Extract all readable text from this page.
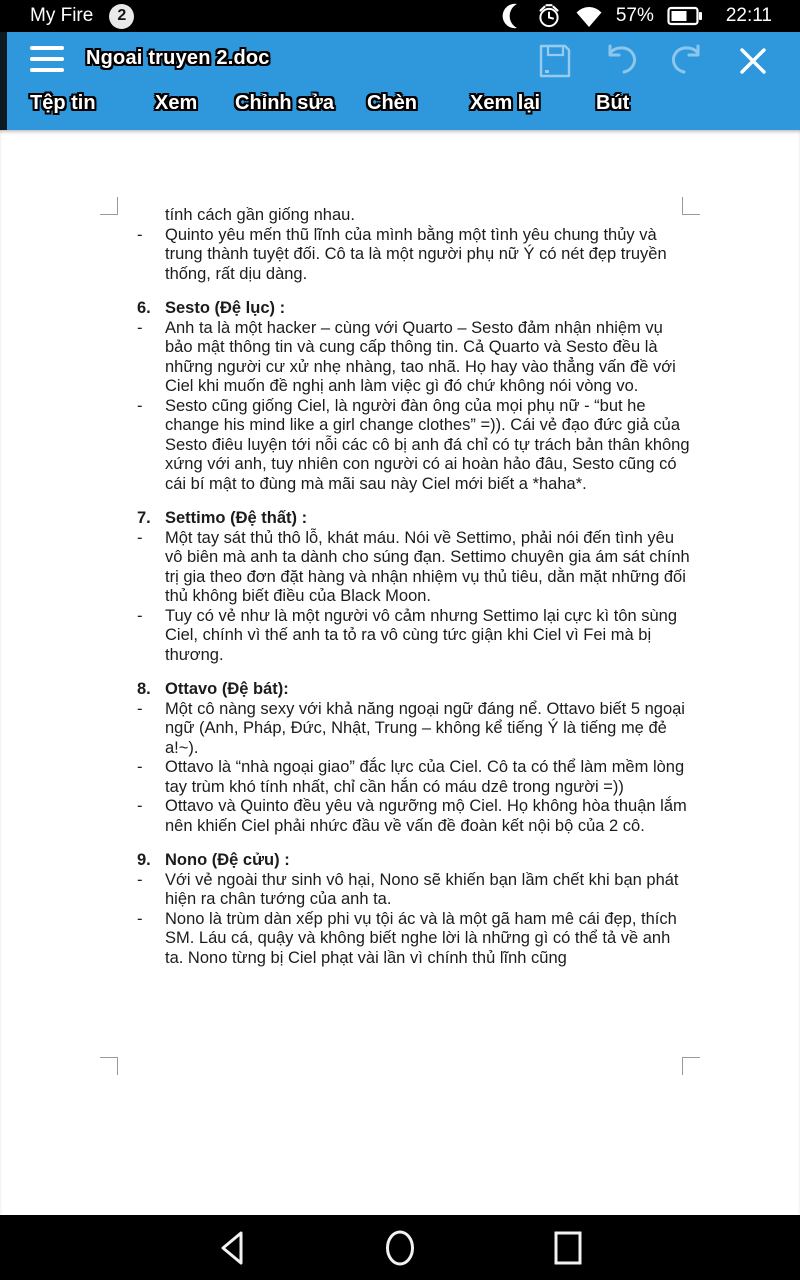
My Fire	2	57%	22:11
Ngoai truyen 2.doc
Tệp tin	Xem Chỉnh sửa Chèn	Xem lại	Bút
tính cách gần giống nhau.
- Quinto yêu mến thũ lĩnh của mình bằng một tình yêu chung thủy và trung thành tuyệt đối. Cô ta là một người phụ nữ Ý có nét đẹp truyền thống, rất dịu dàng.
6. Sesto (Đệ lục) :
- Anh ta là một hacker – cùng với Quarto – Sesto đảm nhận nhiệm vụ bảo mật thông tin và cung cấp thông tin. Cả Quarto và Sesto đều là những người cư xử nhẹ nhàng, tao nhã. Họ hay vào thẳng vấn đề với Ciel khi muốn đề nghị anh làm việc gì đó chứ không nói vòng vo.
- Sesto cũng giống Ciel, là người đàn ông của mọi phụ nữ - “but he change his mind like a girl change clothes” =)). Cái vẻ đạo đức giả của Sesto điêu luyện tới nỗi các cô bị anh đá chỉ có tự trách bản thân không xứng với anh, tuy nhiên con người có ai hoàn hảo đâu, Sesto cũng có cái bí mật to đùng mà mãi sau này Ciel mới biết a *haha*.
7. Settimo (Đệ thất) :
- Một tay sát thủ thô lỗ, khát máu. Nói về Settimo, phải nói đến tình yêu vô biên mà anh ta dành cho súng đạn. Settimo chuyên gia ám sát chính trị gia theo đơn đặt hàng và nhận nhiệm vụ thủ tiêu, dằn mặt những đối thủ không biết điều của Black Moon.
- Tuy có vẻ như là một người vô cảm nhưng Settimo lại cực kì tôn sùng Ciel, chính vì thế anh ta tỏ ra vô cùng tức giận khi Ciel vì Fei mà bị thương.
8. Ottavo (Đệ bát):
- Một cô nàng sexy với khả năng ngoại ngữ đáng nể. Ottavo biết 5 ngoại ngữ (Anh, Pháp, Đức, Nhật, Trung – không kể tiếng Ý là tiếng mẹ đẻ a!~).
- Ottavo là “nhà ngoại giao” đắc lực của Ciel. Cô ta có thể làm mềm lòng tay trùm khó tính nhất, chỉ cần hắn có máu dzê trong người =))
- Ottavo và Quinto đều yêu và ngưỡng mộ Ciel. Họ không hòa thuận lắm nên khiến Ciel phải nhức đầu về vấn đề đoàn kết nội bộ của 2 cô.
9. Nono (Đệ cửu) :
- Với vẻ ngoài thư sinh vô hại, Nono sẽ khiến bạn lầm chết khi bạn phát hiện ra chân tướng của anh ta.
- Nono là trùm dàn xếp phi vụ tội ác và là một gã ham mê cái đẹp, thích SM. Láu cá, quậy và không biết nghe lời là những gì có thể tả về anh ta. Nono từng bị Ciel phạt vài lần vì chính thủ lĩnh cũng
